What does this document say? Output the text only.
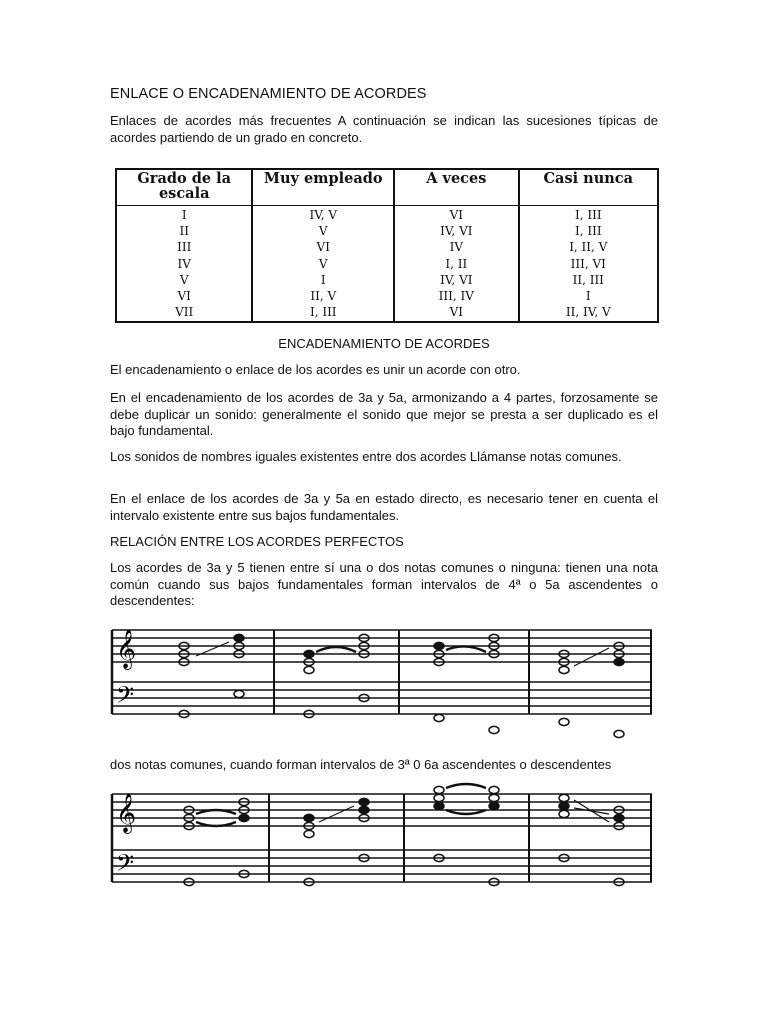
ENLACE O ENCADENAMIENTO DE ACORDES
Enlaces de acordes más frecuentes A continuación se indican las sucesiones típicas de acordes partiendo de un grado en concreto.
Grado de la escala	Muy empleado	A veces	Casi nunca
I	IV, V	VI	I, III
II	V	IV, VI	I, III
III	VI	IV	I, II, V
IV	V	I, II	III, VI
V	I	IV, VI	II, III
VI	II, V	III, IV	I
VII	I, III	VI	II, IV, V
ENCADENAMIENTO DE ACORDES
El encadenamiento o enlace de los acordes es unir un acorde con otro.
En el encadenamiento de los acordes de 3a y 5a, armonizando a 4 partes, forzosamente se debe duplicar un sonido: generalmente el sonido que mejor se presta a ser duplicado es el bajo fundamental.
Los sonidos de nombres iguales existentes entre dos acordes Llámanse notas comunes.
En el enlace de los acordes de 3a y 5a en estado directo, es necesario tener en cuenta el intervalo existente entre sus bajos fundamentales.
RELACIÓN ENTRE LOS ACORDES PERFECTOS
Los acordes de 3a y 5 tienen entre sí una o dos notas comunes o ninguna: tienen una nota común cuando sus bajos fundamentales forman intervalos de 4ª o 5a ascendentes o descendentes:
dos notas comunes, cuando forman intervalos de 3ª 0 6a ascendentes o descendentes
𝄞
𝄢
𝄞
𝄢
